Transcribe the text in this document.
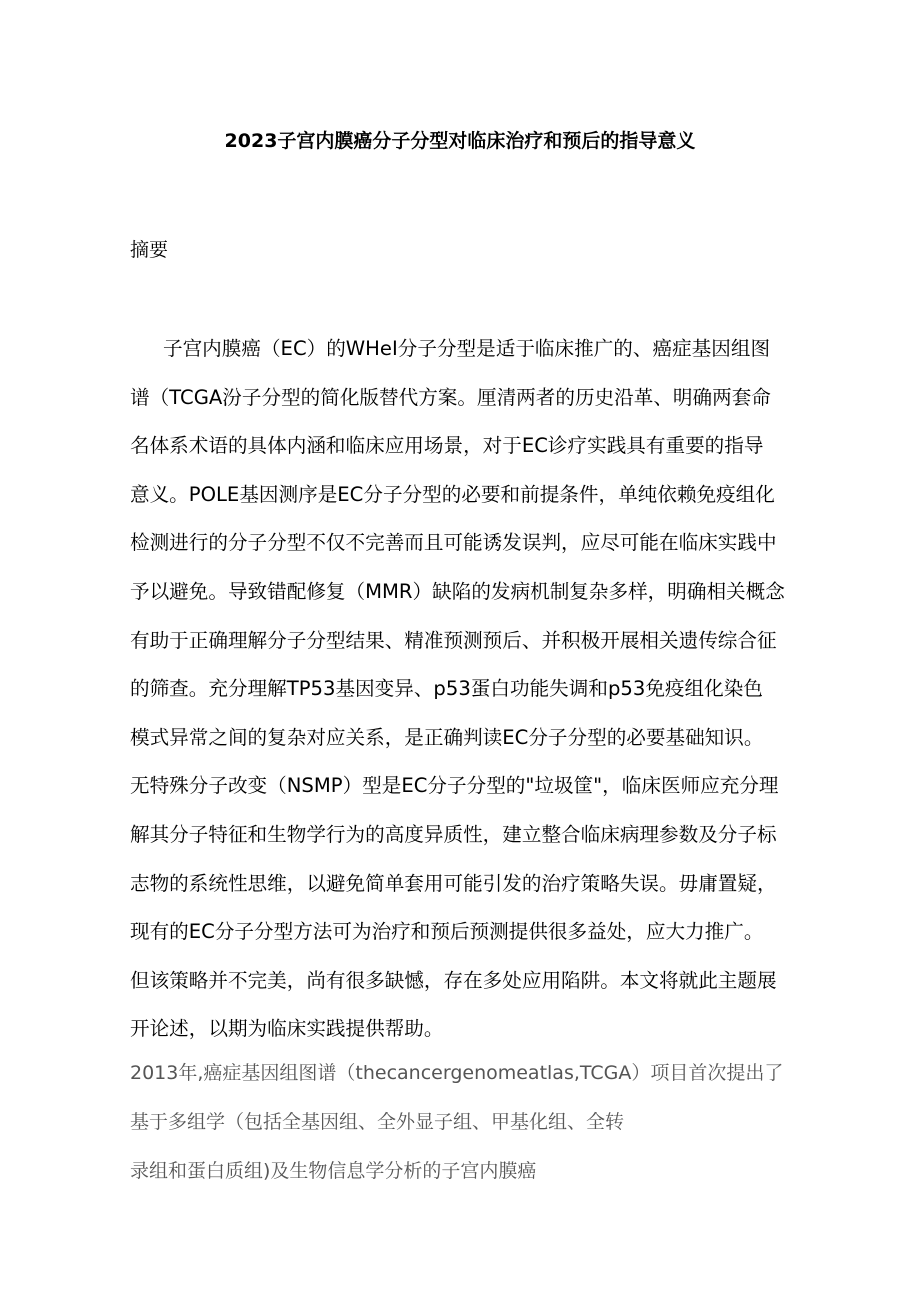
2023子宫内膜癌分子分型对临床治疗和预后的指导意义
摘要

子宫内膜癌（EC）的WHeI分子分型是适于临床推广的、癌症基因组图
谱（TCGA汾子分型的简化版替代方案。厘清两者的历史沿革、明确两套命
名体系术语的具体内涵和临床应用场景，对于EC诊疗实践具有重要的指导
意义。POLE基因测序是EC分子分型的必要和前提条件，单纯依赖免疫组化
检测进行的分子分型不仅不完善而且可能诱发误判，应尽可能在临床实践中
予以避免。导致错配修复（MMR）缺陷的发病机制复杂多样，明确相关概念
有助于正确理解分子分型结果、精准预测预后、并积极开展相关遗传综合征
的筛查。充分理解TP53基因变异、p53蛋白功能失调和p53免疫组化染色
模式异常之间的复杂对应关系，是正确判读EC分子分型的必要基础知识。
无特殊分子改变（NSMP）型是EC分子分型的"垃圾筐"，临床医师应充分理
解其分子特征和生物学行为的高度异质性，建立整合临床病理参数及分子标
志物的系统性思维，以避免简单套用可能引发的治疗策略失误。毋庸置疑，
现有的EC分子分型方法可为治疗和预后预测提供很多益处，应大力推广。
但该策略并不完美，尚有很多缺憾，存在多处应用陷阱。本文将就此主题展
开论述，以期为临床实践提供帮助。

2013年,癌症基因组图谱（thecancergenomeatlas,TCGA）项目首次提出了
基于多组学（包括全基因组、全外显子组、甲基化组、全转
录组和蛋白质组)及生物信息学分析的子宫内膜癌
